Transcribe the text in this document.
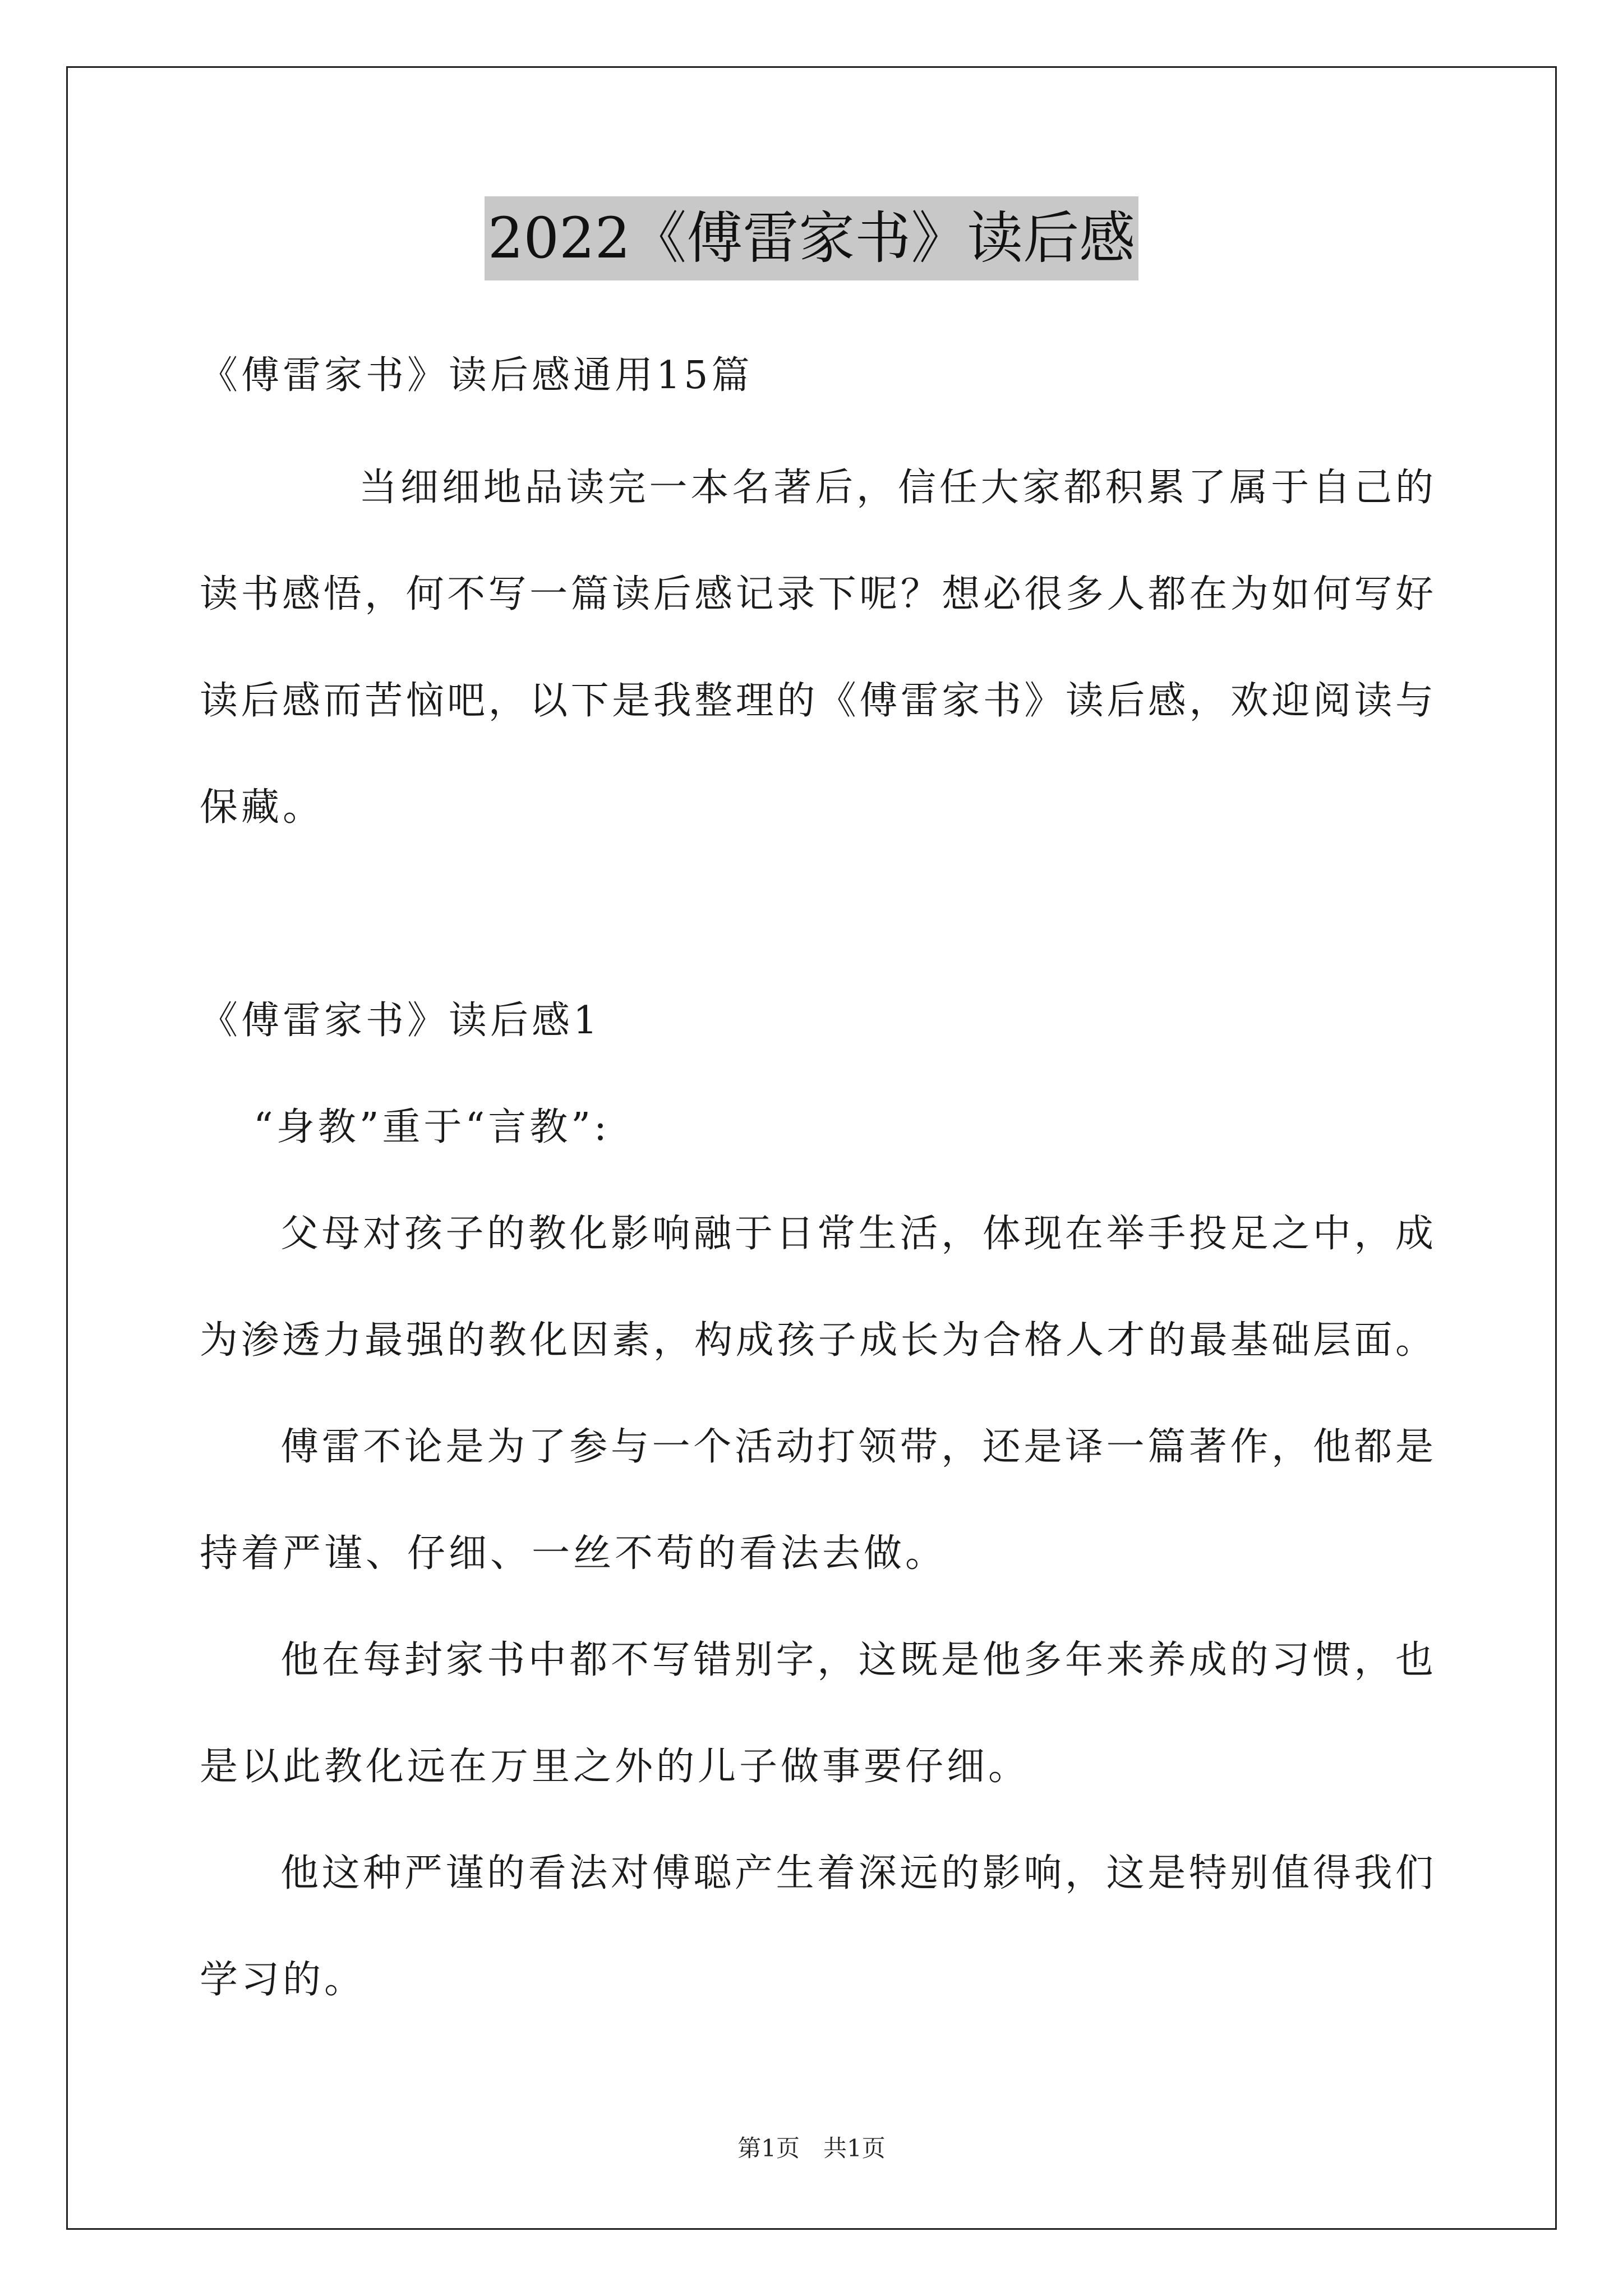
2022《傅雷家书》读后感
《傅雷家书》读后感通用15篇
当细细地品读完一本名著后，信任大家都积累了属于自己的
读书感悟，何不写一篇读后感记录下呢？想必很多人都在为如何写好
读后感而苦恼吧，以下是我整理的《傅雷家书》读后感，欢迎阅读与
保藏。
《傅雷家书》读后感1
“身教”重于“言教”:
父母对孩子的教化影响融于日常生活，体现在举手投足之中，成
为渗透力最强的教化因素，构成孩子成长为合格人才的最基础层面。
傅雷不论是为了参与一个活动打领带，还是译一篇著作，他都是
持着严谨、仔细、一丝不苟的看法去做。
他在每封家书中都不写错别字，这既是他多年来养成的习惯，也
是以此教化远在万里之外的儿子做事要仔细。
他这种严谨的看法对傅聪产生着深远的影响，这是特别值得我们
学习的。
第1页　共1页
